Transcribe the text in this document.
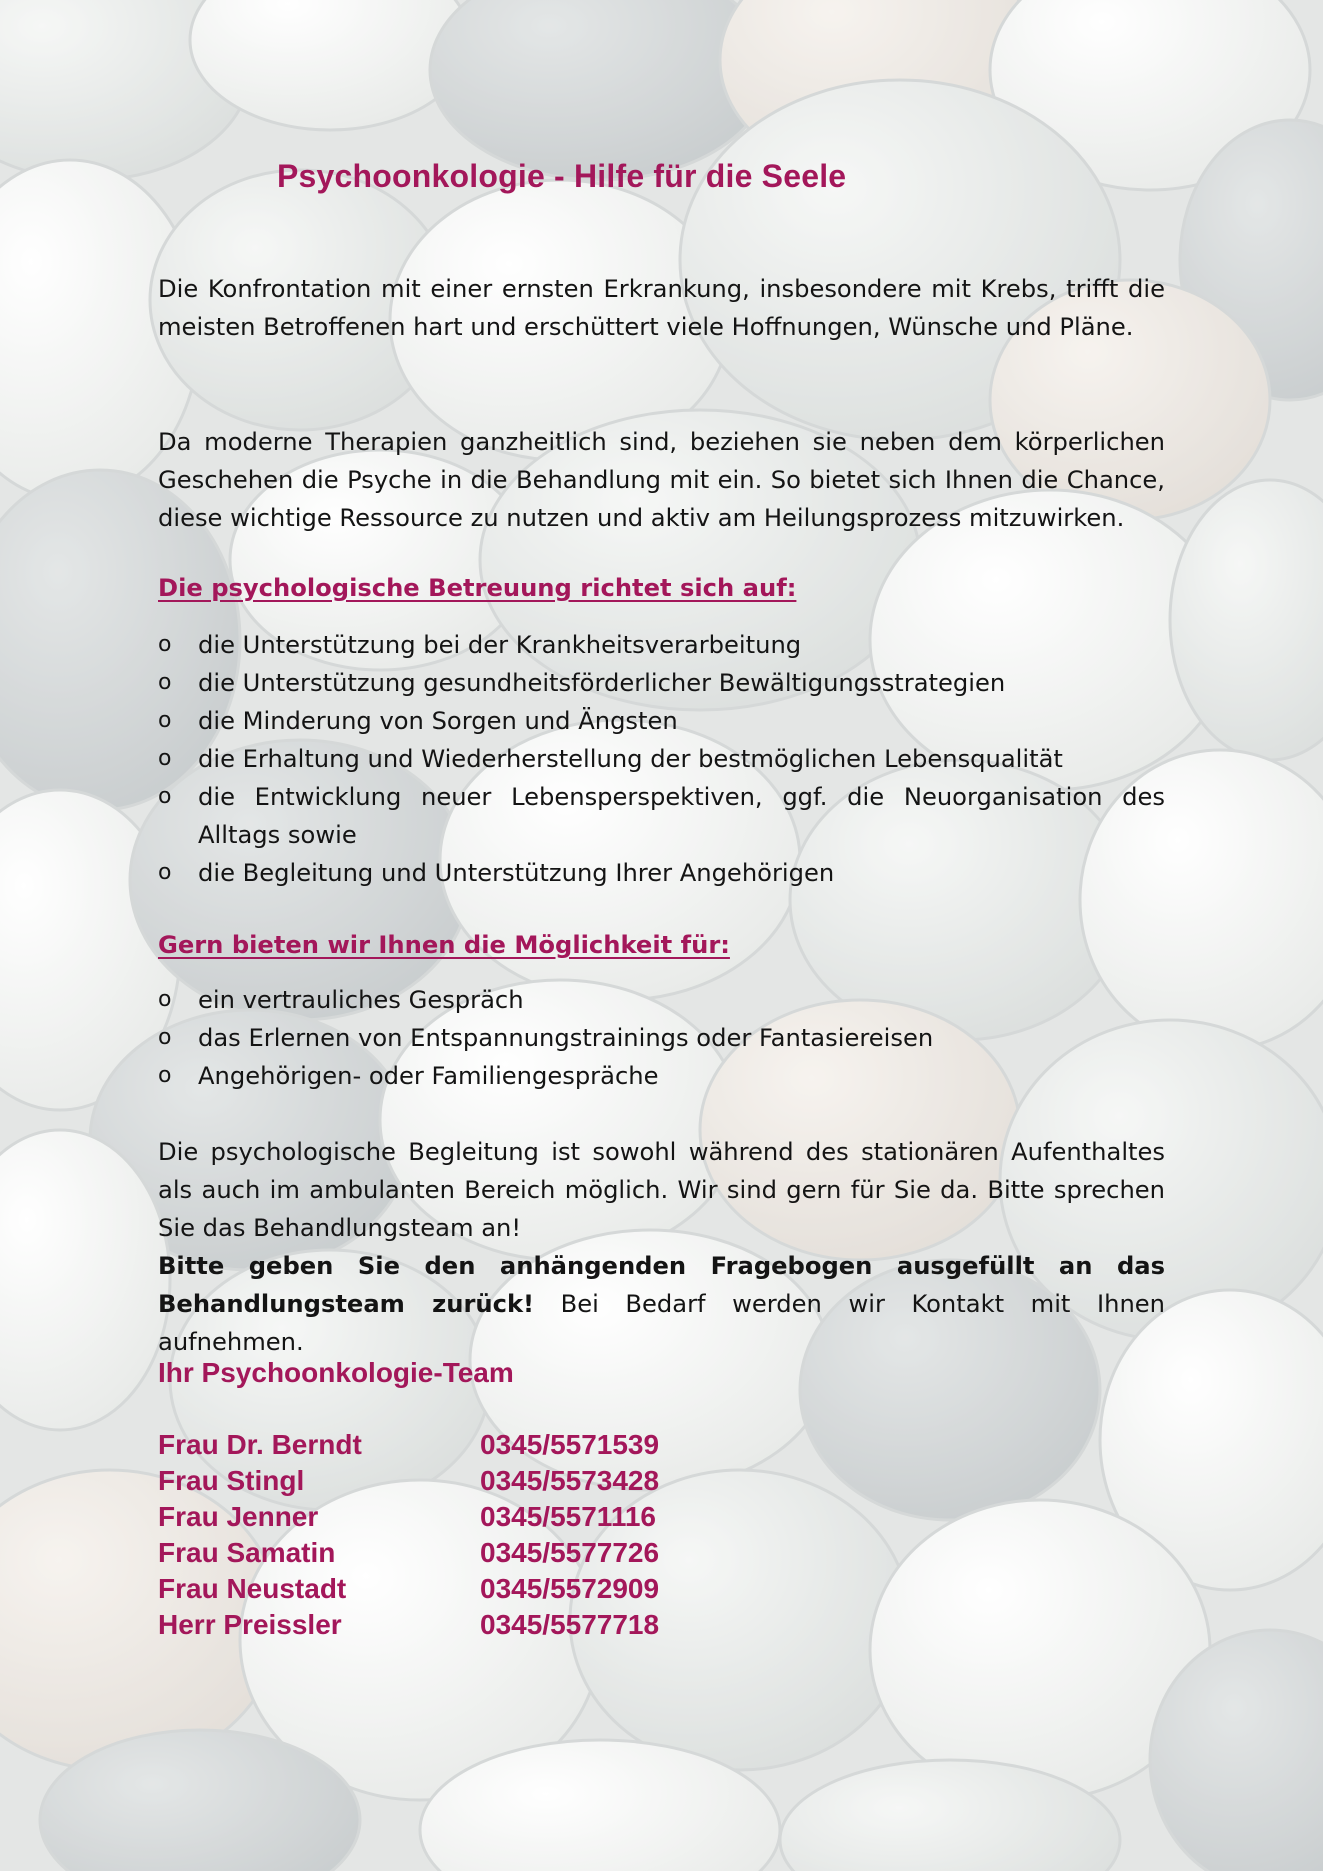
Psychoonkologie - Hilfe für die Seele

Die Konfrontation mit einer ernsten Erkrankung, insbesondere mit Krebs, trifft die meisten Betroffenen hart und erschüttert viele Hoffnungen, Wünsche und Pläne.

Da moderne Therapien ganzheitlich sind, beziehen sie neben dem körperlichen Geschehen die Psyche in die Behandlung mit ein. So bietet sich Ihnen die Chance, diese wichtige Ressource zu nutzen und aktiv am Heilungsprozess mitzuwirken.

Die psychologische Betreuung richtet sich auf:
o die Unterstützung bei der Krankheitsverarbeitung
o die Unterstützung gesundheitsförderlicher Bewältigungsstrategien
o die Minderung von Sorgen und Ängsten
o die Erhaltung und Wiederherstellung der bestmöglichen Lebensqualität
o die Entwicklung neuer Lebensperspektiven, ggf. die Neuorganisation des Alltags sowie
o die Begleitung und Unterstützung Ihrer Angehörigen
Gern bieten wir Ihnen die Möglichkeit für:
o ein vertrauliches Gespräch
o das Erlernen von Entspannungstrainings oder Fantasiereisen
o Angehörigen- oder Familiengespräche

Die psychologische Begleitung ist sowohl während des stationären Aufenthaltes als auch im ambulanten Bereich möglich. Wir sind gern für Sie da. Bitte sprechen Sie das Behandlungsteam an!

Bitte geben Sie den anhängenden Fragebogen ausgefüllt an das Behandlungsteam zurück! Bei Bedarf werden wir Kontakt mit Ihnen aufnehmen.

Ihr Psychoonkologie-Team
Frau Dr. Berndt	0345/5571539
Frau Stingl	0345/5573428
Frau Jenner	0345/5571116
Frau Samatin	0345/5577726
Frau Neustadt	0345/5572909
Herr Preissler	0345/5577718
